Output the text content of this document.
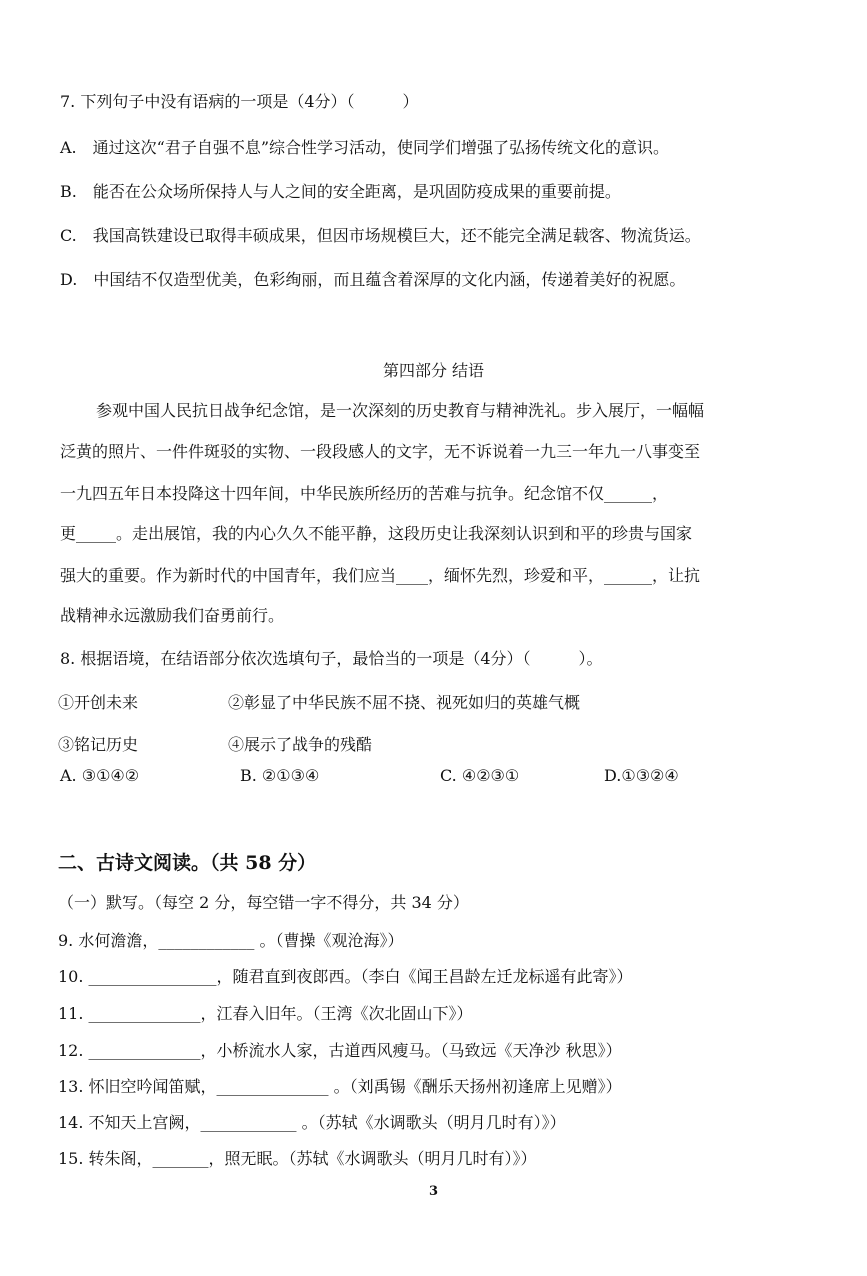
7. 下列句子中没有语病的一项是（4分）（　　　）
A.　通过这次“君子自强不息”综合性学习活动，使同学们增强了弘扬传统文化的意识。
B.　能否在公众场所保持人与人之间的安全距离，是巩固防疫成果的重要前提。
C.　我国高铁建设已取得丰硕成果，但因市场规模巨大，还不能完全满足载客、物流货运。
D.　中国结不仅造型优美，色彩绚丽，而且蕴含着深厚的文化内涵，传递着美好的祝愿。
第四部分 结语
参观中国人民抗日战争纪念馆，是一次深刻的历史教育与精神洗礼。步入展厅，一幅幅
泛黄的照片、一件件斑驳的实物、一段段感人的文字，无不诉说着一九三一年九一八事变至
一九四五年日本投降这十四年间，中华民族所经历的苦难与抗争。纪念馆不仅______，
更_____。走出展馆，我的内心久久不能平静，这段历史让我深刻认识到和平的珍贵与国家
强大的重要。作为新时代的中国青年，我们应当____，缅怀先烈，珍爱和平，______，让抗
战精神永远激励我们奋勇前行。
8. 根据语境，在结语部分依次选填句子，最恰当的一项是（4分）（　　　）。
①开创未来	②彰显了中华民族不屈不挠、视死如归的英雄气概
③铭记历史	④展示了战争的残酷
A. ③①④②	B. ②①③④	C. ④②③①	D.①③②④
二、古诗文阅读。（共 58 分）
（一）默写。（每空 2 分，每空错一字不得分，共 34 分）
9. 水何澹澹，____________ 。（曹操《观沧海》）
10. ________________，随君直到夜郎西。（李白《闻王昌龄左迁龙标遥有此寄》）
11. ______________，江春入旧年。（王湾《次北固山下》）
12. ______________，小桥流水人家，古道西风瘦马。（马致远《天净沙 秋思》）
13. 怀旧空吟闻笛赋，______________ 。（刘禹锡《酬乐天扬州初逢席上见赠》）
14. 不知天上宫阙，____________ 。（苏轼《水调歌头（明月几时有）》）
15. 转朱阁，_______，照无眠。（苏轼《水调歌头（明月几时有）》）
3
